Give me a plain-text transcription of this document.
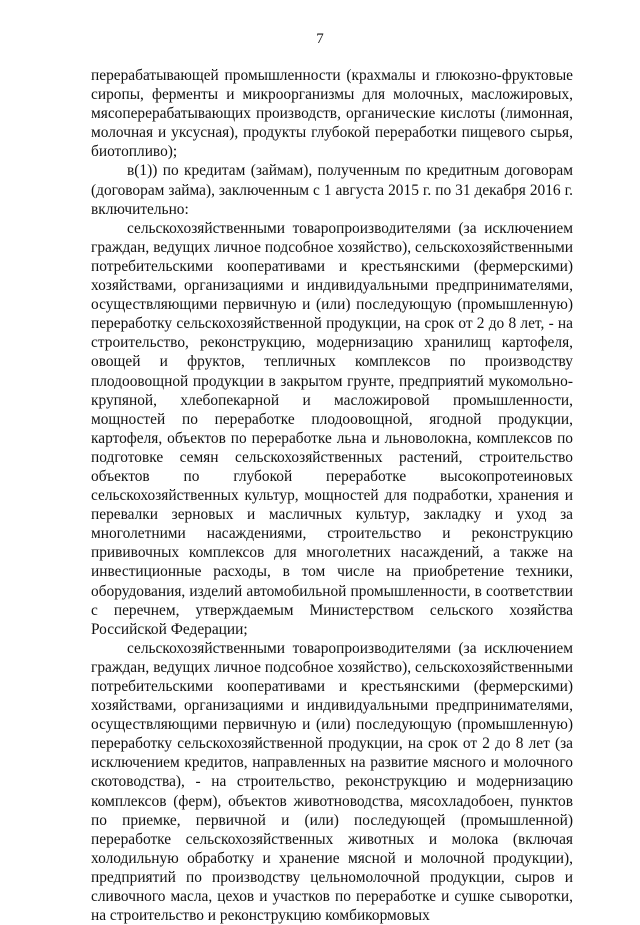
7

перерабатывающей промышленности (крахмалы и глюкозно-фруктовые сиропы, ферменты и микроорганизмы для молочных, масложировых, мясоперерабатывающих производств, органические кислоты (лимонная, молочная и уксусная), продукты глубокой переработки пищевого сырья, биотопливо);

в(1)) по кредитам (займам), полученным по кредитным договорам (договорам займа), заключенным с 1 августа 2015 г. по 31 декабря 2016 г. включительно:

сельскохозяйственными товаропроизводителями (за исключением граждан, ведущих личное подсобное хозяйство), сельскохозяйственными потребительскими кооперативами и крестьянскими (фермерскими) хозяйствами, организациями и индивидуальными предпринимателями, осуществляющими первичную и (или) последующую (промышленную) переработку сельскохозяйственной продукции, на срок от 2 до 8 лет, - на строительство, реконструкцию, модернизацию хранилищ картофеля, овощей и фруктов, тепличных комплексов по производству плодоовощной продукции в закрытом грунте, предприятий мукомольно-крупяной, хлебопекарной и масложировой промышленности, мощностей по переработке плодоовощной, ягодной продукции, картофеля, объектов по переработке льна и льноволокна, комплексов по подготовке семян сельскохозяйственных растений, строительство объектов по глубокой переработке высокопротеиновых сельскохозяйственных культур, мощностей для подработки, хранения и перевалки зерновых и масличных культур, закладку и уход за многолетними насаждениями, строительство и реконструкцию прививочных комплексов для многолетних насаждений, а также на инвестиционные расходы, в том числе на приобретение техники, оборудования, изделий автомобильной промышленности, в соответствии с перечнем, утверждаемым Министерством сельского хозяйства Российской Федерации;

сельскохозяйственными товаропроизводителями (за исключением граждан, ведущих личное подсобное хозяйство), сельскохозяйственными потребительскими кооперативами и крестьянскими (фермерскими) хозяйствами, организациями и индивидуальными предпринимателями, осуществляющими первичную и (или) последующую (промышленную) переработку сельскохозяйственной продукции, на срок от 2 до 8 лет (за исключением кредитов, направленных на развитие мясного и молочного скотоводства), - на строительство, реконструкцию и модернизацию комплексов (ферм), объектов животноводства, мясохладобоен, пунктов по приемке, первичной и (или) последующей (промышленной) переработке сельскохозяйственных животных и молока (включая холодильную обработку и хранение мясной и молочной продукции), предприятий по производству цельномолочной продукции, сыров и сливочного масла, цехов и участков по переработке и сушке сыворотки, на строительство и реконструкцию комбикормовых
